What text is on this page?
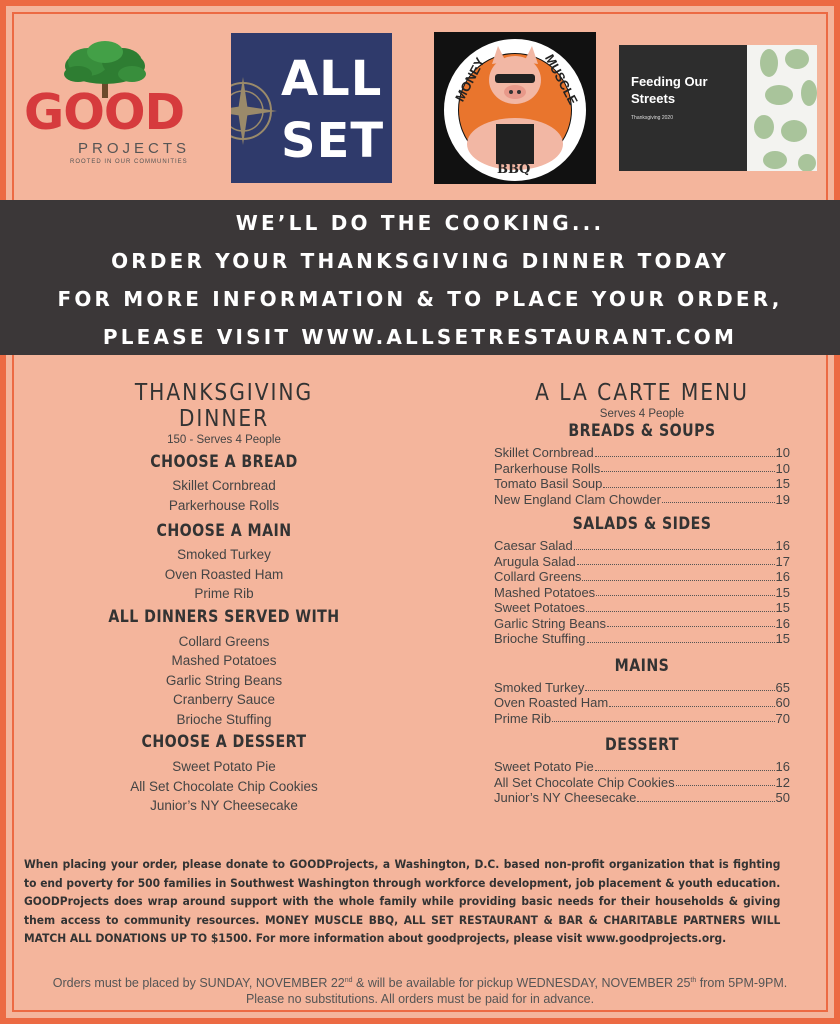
GOOD
PROJECTS
ROOTED IN OUR COMMUNITIES
ALL
SET
MONEY	MUSCLE
BBQ
Feeding Our Streets
Thanksgiving 2020
WE’LL DO THE COOKING...
ORDER YOUR THANKSGIVING DINNER TODAY
FOR MORE INFORMATION & TO PLACE YOUR ORDER,
PLEASE VISIT WWW.ALLSETRESTAURANT.COM
THANKSGIVING DINNER
150 - Serves 4 People
CHOOSE A BREAD
Skillet Cornbread
Parkerhouse Rolls
CHOOSE A MAIN
Smoked Turkey
Oven Roasted Ham
Prime Rib
ALL DINNERS SERVED WITH
Collard Greens
Mashed Potatoes
Garlic String Beans
Cranberry Sauce
Brioche Stuffing
CHOOSE A DESSERT
Sweet Potato Pie
All Set Chocolate Chip Cookies
Junior’s NY Cheesecake
A LA CARTE MENU
Serves 4 People
BREADS & SOUPS
Skillet Cornbread	10
Parkerhouse Rolls	10
Tomato Basil Soup	15
New England Clam Chowder	19
SALADS & SIDES
Caesar Salad	16
Arugula Salad	17
Collard Greens	16
Mashed Potatoes	15
Sweet Potatoes	15
Garlic String Beans	16
Brioche Stuffing	15
MAINS
Smoked Turkey	65
Oven Roasted Ham	60
Prime Rib	70
DESSERT
Sweet Potato Pie	16
All Set Chocolate Chip Cookies	12
Junior’s NY Cheesecake	50
When placing your order, please donate to GOODProjects, a Washington, D.C. based non-profit organization that is fighting to end poverty for 500 families in Southwest Washington through workforce development, job placement & youth education. GOODProjects does wrap around support with the whole family while providing basic needs for their households & giving them access to community resources. MONEY MUSCLE BBQ, ALL SET RESTAURANT & BAR & CHARITABLE PARTNERS WILL MATCH ALL DONATIONS UP TO $1500. For more information about goodprojects, please visit www.goodprojects.org.
Orders must be placed by SUNDAY, NOVEMBER 22nd & will be available for pickup WEDNESDAY, NOVEMBER 25th from 5PM-9PM.
Please no substitutions. All orders must be paid for in advance.
